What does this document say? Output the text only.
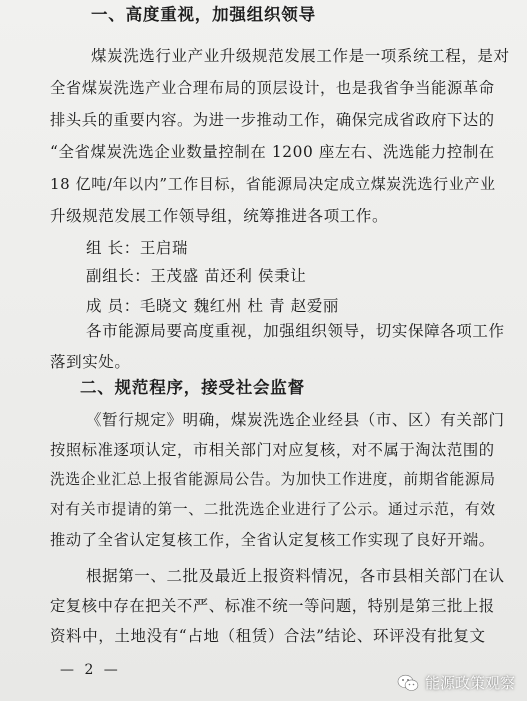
一、高度重视，加强组织领导
煤炭洗选行业产业升级规范发展工作是一项系统工程，是对
全省煤炭洗选产业合理布局的顶层设计，也是我省争当能源革命
排头兵的重要内容。为进一步推动工作，确保完成省政府下达的
“全省煤炭洗选企业数量控制在 1200 座左右、洗选能力控制在
18 亿吨/年以内”工作目标，省能源局决定成立煤炭洗选行业产业
升级规范发展工作领导组，统筹推进各项工作。
组 长：王启瑞
副组长：王茂盛 苗还利 侯秉让
成 员：毛晓文 魏红州 杜 青 赵爱丽
各市能源局要高度重视，加强组织领导，切实保障各项工作
落到实处。
二、规范程序，接受社会监督
《暂行规定》明确，煤炭洗选企业经县（市、区）有关部门
按照标准逐项认定，市相关部门对应复核，对不属于淘汰范围的
洗选企业汇总上报省能源局公告。为加快工作进度，前期省能源局
对有关市提请的第一、二批洗选企业进行了公示。通过示范，有效
推动了全省认定复核工作，全省认定复核工作实现了良好开端。
根据第一、二批及最近上报资料情况，各市县相关部门在认
定复核中存在把关不严、标准不统一等问题，特别是第三批上报
资料中，土地没有“占地（租赁）合法”结论、环评没有批复文
— 2 —
能源政策观察
